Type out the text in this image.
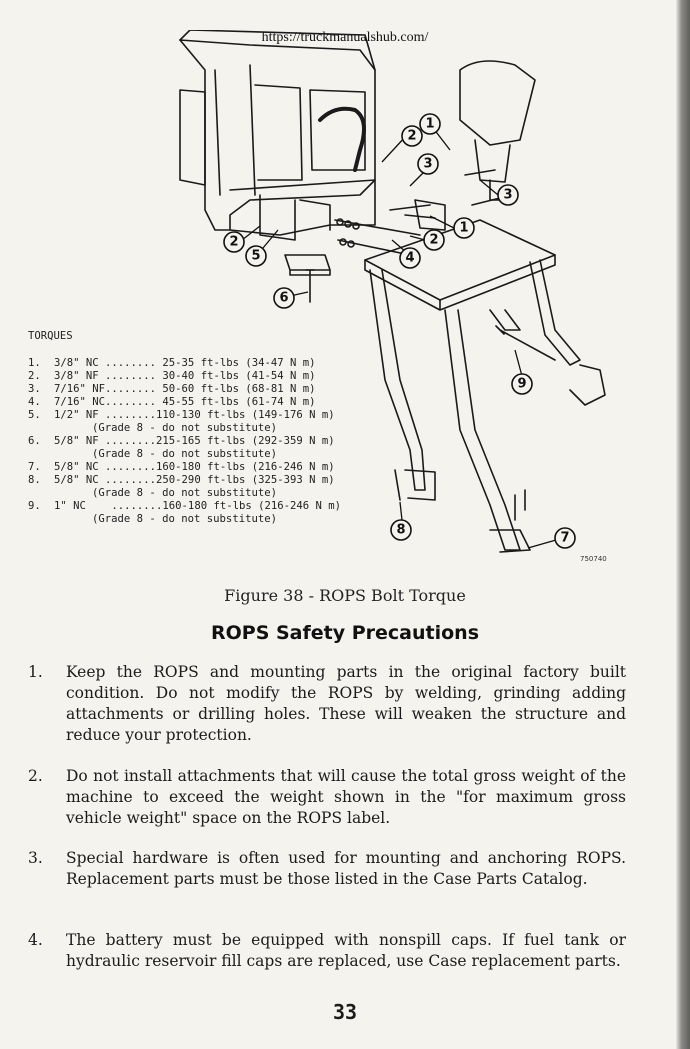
https://truckmanualshub.com/
1
2
3
3
2
1
2
5	4
6
9
8
7
750740
TORQUES
1.	3/8" NC ........ 25-35 ft-lbs (34-47 N m)
2.	3/8" NF ........ 30-40 ft-lbs (41-54 N m)
3.	7/16" NF........ 50-60 ft-lbs (68-81 N m)
4.	7/16" NC........ 45-55 ft-lbs (61-74 N m)
5.	1/2" NF ........110-130 ft-lbs (149-176 N m)
(Grade 8 - do not substitute)
6.	5/8" NF ........215-165 ft-lbs (292-359 N m)
(Grade 8 - do not substitute)
7.	5/8" NC ........160-180 ft-lbs (216-246 N m)
8.	5/8" NC ........250-290 ft-lbs (325-393 N m)
(Grade 8 - do not substitute)
9.	1" NC    ........160-180 ft-lbs (216-246 N m)
(Grade 8 - do not substitute)
Figure 38 - ROPS Bolt Torque
ROPS Safety Precautions
1.	Keep the ROPS and mounting parts in the original factory built condition. Do not modify the ROPS by welding, grinding adding attachments or drilling holes. These will weaken the structure and reduce your protection.
2.	Do not install attachments that will cause the total gross weight of the machine to exceed the weight shown in the "for maximum gross vehicle weight" space on the ROPS label.
3.	Special hardware is often used for mounting and anchoring ROPS. Replacement parts must be those listed in the Case Parts Catalog.
4.	The battery must be equipped with nonspill caps. If fuel tank or hydraulic reservoir fill caps are replaced, use Case replacement parts.
33
